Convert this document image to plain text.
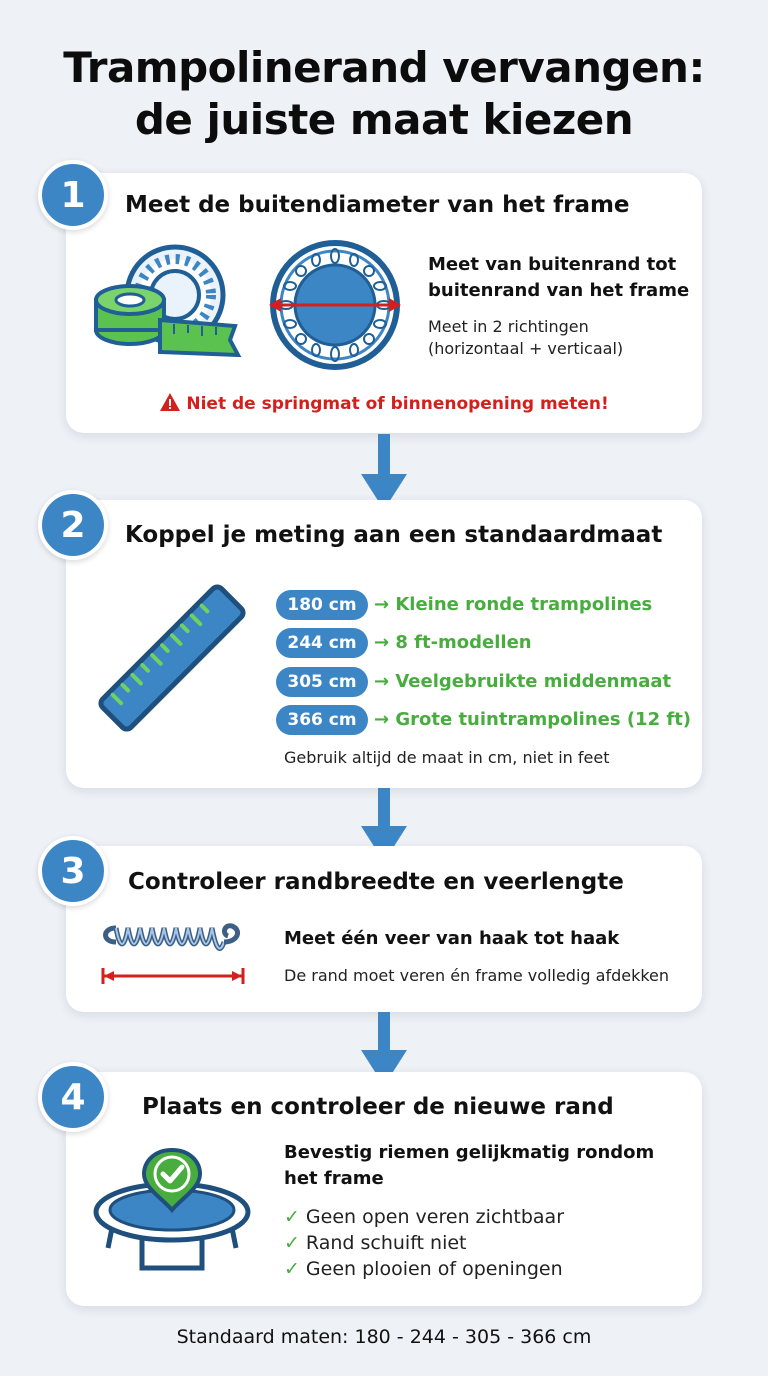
Trampolinerand vervangen:
de juiste maat kiezen
1	Meet de buitendiameter van het frame
Meet van buitenrand tot
buitenrand van het frame
Meet in 2 richtingen
(horizontaal + verticaal)
Niet de springmat of binnenopening meten!
2	Koppel je meting aan een standaardmaat
180 cm → Kleine ronde trampolines
244 cm → 8 ft-modellen
305 cm → Veelgebruikte middenmaat
366 cm → Grote tuintrampolines (12 ft)
Gebruik altijd de maat in cm, niet in feet
3	Controleer randbreedte en veerlengte
Meet één veer van haak tot haak
De rand moet veren én frame volledig afdekken
4	Plaats en controleer de nieuwe rand
Bevestig riemen gelijkmatig rondom
het frame
✓ Geen open veren zichtbaar
✓ Rand schuift niet
✓ Geen plooien of openingen
Standaard maten: 180 - 244 - 305 - 366 cm
